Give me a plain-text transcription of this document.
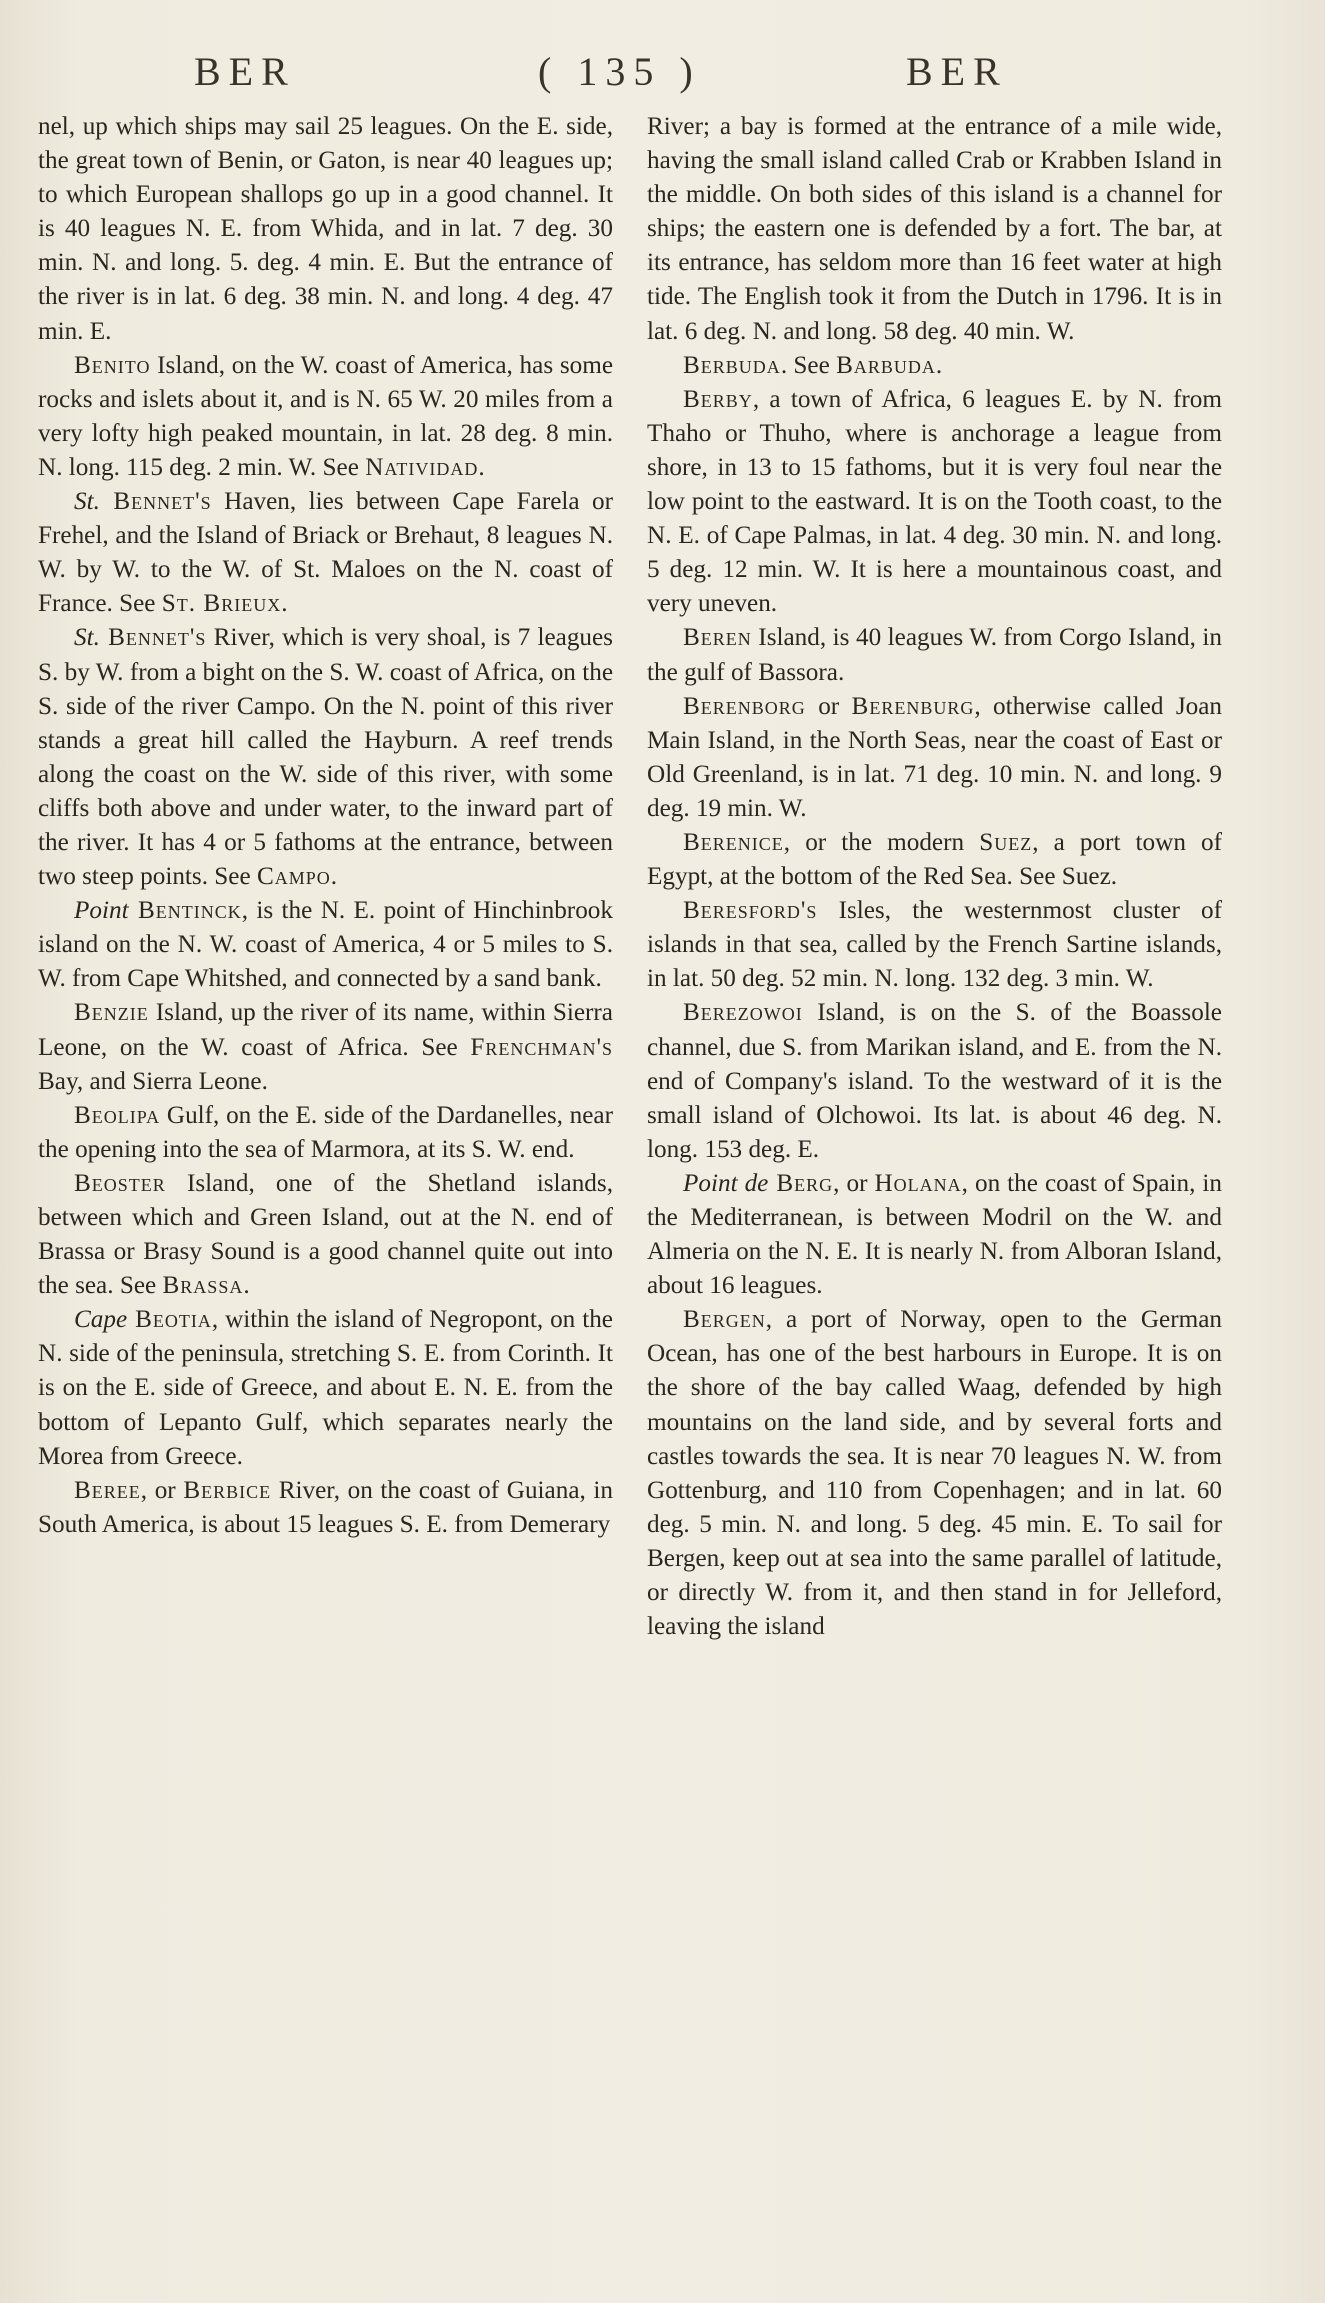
BER	( 135 )	BER

nel, up which ships may sail 25 leagues. On the E. side, the great town of Benin, or Gaton, is near 40 leagues up; to which European shallops go up in a good channel. It is 40 leagues N. E. from Whida, and in lat. 7 deg. 30 min. N. and long. 5. deg. 4 min. E. But the entrance of the river is in lat. 6 deg. 38 min. N. and long. 4 deg. 47 min. E.

Benito Island, on the W. coast of America, has some rocks and islets about it, and is N. 65 W. 20 miles from a very lofty high peaked mountain, in lat. 28 deg. 8 min. N. long. 115 deg. 2 min. W. See Natividad.

St. Bennet's Haven, lies between Cape Farela or Frehel, and the Island of Briack or Brehaut, 8 leagues N. W. by W. to the W. of St. Maloes on the N. coast of France. See St. Brieux.

St. Bennet's River, which is very shoal, is 7 leagues S. by W. from a bight on the S. W. coast of Africa, on the S. side of the river Campo. On the N. point of this river stands a great hill called the Hayburn. A reef trends along the coast on the W. side of this river, with some cliffs both above and under water, to the inward part of the river. It has 4 or 5 fathoms at the entrance, between two steep points. See Campo.

Point Bentinck, is the N. E. point of Hinchinbrook island on the N. W. coast of America, 4 or 5 miles to S. W. from Cape Whitshed, and connected by a sand bank.

Benzie Island, up the river of its name, within Sierra Leone, on the W. coast of Africa. See Frenchman's Bay, and Sierra Leone.

Beolipa Gulf, on the E. side of the Dardanelles, near the opening into the sea of Marmora, at its S. W. end.

Beoster Island, one of the Shetland islands, between which and Green Island, out at the N. end of Brassa or Brasy Sound is a good channel quite out into the sea. See Brassa.

Cape Beotia, within the island of Negropont, on the N. side of the peninsula, stretching S. E. from Corinth. It is on the E. side of Greece, and about E. N. E. from the bottom of Lepanto Gulf, which separates nearly the Morea from Greece.

Beree, or Berbice River, on the coast of Guiana, in South America, is about 15 leagues S. E. from Demerary

River; a bay is formed at the entrance of a mile wide, having the small island called Crab or Krabben Island in the middle. On both sides of this island is a channel for ships; the eastern one is defended by a fort. The bar, at its entrance, has seldom more than 16 feet water at high tide. The English took it from the Dutch in 1796. It is in lat. 6 deg. N. and long. 58 deg. 40 min. W.

Berbuda. See Barbuda.

Berby, a town of Africa, 6 leagues E. by N. from Thaho or Thuho, where is anchorage a league from shore, in 13 to 15 fathoms, but it is very foul near the low point to the eastward. It is on the Tooth coast, to the N. E. of Cape Palmas, in lat. 4 deg. 30 min. N. and long. 5 deg. 12 min. W. It is here a mountainous coast, and very uneven.

Beren Island, is 40 leagues W. from Corgo Island, in the gulf of Bassora.

Berenborg or Berenburg, otherwise called Joan Main Island, in the North Seas, near the coast of East or Old Greenland, is in lat. 71 deg. 10 min. N. and long. 9 deg. 19 min. W.

Berenice, or the modern Suez, a port town of Egypt, at the bottom of the Red Sea. See Suez.

Beresford's Isles, the westernmost cluster of islands in that sea, called by the French Sartine islands, in lat. 50 deg. 52 min. N. long. 132 deg. 3 min. W.

Berezowoi Island, is on the S. of the Boassole channel, due S. from Marikan island, and E. from the N. end of Company's island. To the westward of it is the small island of Olchowoi. Its lat. is about 46 deg. N. long. 153 deg. E.

Point de Berg, or Holana, on the coast of Spain, in the Mediterranean, is between Modril on the W. and Almeria on the N. E. It is nearly N. from Alboran Island, about 16 leagues.

Bergen, a port of Norway, open to the German Ocean, has one of the best harbours in Europe. It is on the shore of the bay called Waag, defended by high mountains on the land side, and by several forts and castles towards the sea. It is near 70 leagues N. W. from Gottenburg, and 110 from Copenhagen; and in lat. 60 deg. 5 min. N. and long. 5 deg. 45 min. E. To sail for Bergen, keep out at sea into the same parallel of latitude, or directly W. from it, and then stand in for Jelleford, leaving the island
